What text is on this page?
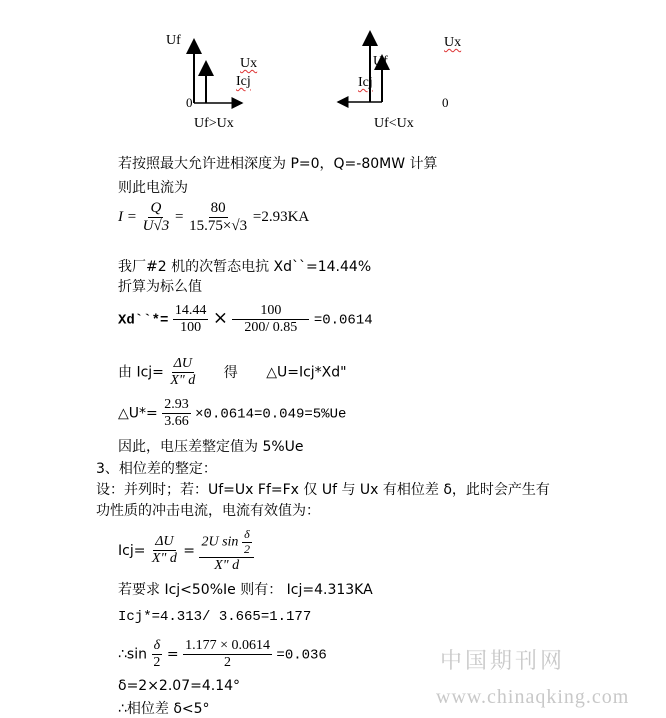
Uf
Ux
Icj
0
Uf>Ux
Uf
Ux
Icj
0
Uf<Ux
若按照最大允许进相深度为 P=0，Q=-80MW 计算
则此电流为
$I = \frac{Q}{U√3} = \frac{80}{15.75\times√3} =2.93KA$
我厂#2 机的次暂态电抗 Xd``=14.44%
折算为标么值
Xd``*= $\frac{14.44}{100} \times \frac{100}{200/ 0.85} =0.0614$
由 $Icj= \frac{\Delta U}{X" d}$ 得 △U=Icj*Xd"
△U*= $\frac{2.93}{3.66} \times 0.0614=0.049=5\%Ue$
因此，电压差整定值为 5%Ue
3、相位差的整定：
设：并列时；若：Uf=Ux Ff=Fx 仅 Uf 与 Ux 有相位差 δ，此时会产生有
功性质的冲击电流，电流有效值为：
$Icj= \frac{\Delta U}{X" d} = \frac{2U \sin \frac{\delta}{2}}{X" d}$
若要求 Icj<50%Ie 则有： Icj=4.313KA
Icj*=4.313/ 3.665=1.177
∴sin $\frac{\delta}{2} = \frac{1.177 \times 0.0614}{2} =0.036$
δ=2×2.07=4.14°
∴相位差 δ<5°
中国期刊网
www.chinaqking.com
